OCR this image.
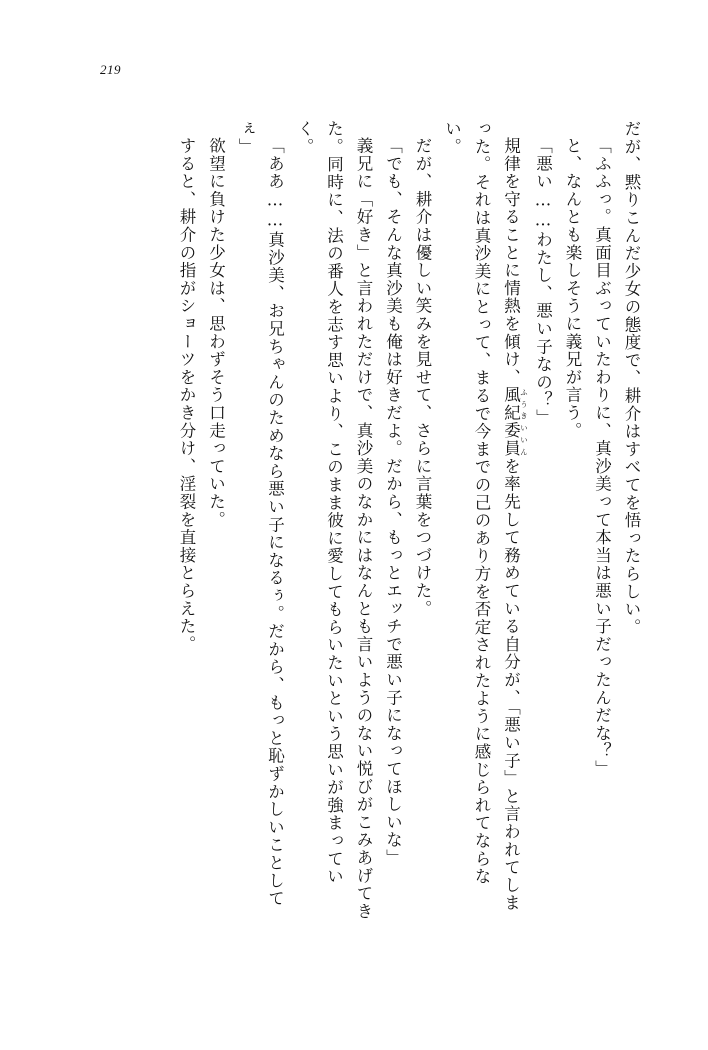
219

だが、黙りこんだ少女の態度で、耕介はすべてを悟ったらしい。

「ふふっ。真面目ぶっていたわりに、真沙美って本当は悪い子だったんだな？」

と、なんとも楽しそうに義兄が言う。

「悪い……わたし、悪い子なの？」

規律を守ることに情熱を傾け、風紀委員 ふうきいいんを率先して務めている自分が、「悪い子」と言われてしまった。それは真沙美にとって、まるで今までの己のあり方を否定されたように感じられてならない。

だが、耕介は優しい笑みを見せて、さらに言葉をつづけた。

「でも、そんな真沙美も俺は好きだよ。だから、もっとエッチで悪い子になってほしいな」

義兄に「好き」と言われただけで、真沙美のなかにはなんとも言いようのない悦びがこみあげてきた。同時に、法の番人を志す思いより、このまま彼に愛してもらいたいという思いが強まっていく。

「ああ……真沙美、お兄ちゃんのためなら悪い子になるぅ。だから、もっと恥ずかしいことしてぇ」

欲望に負けた少女は、思わずそう口走っていた。

すると、耕介の指がショーツをかき分け、淫裂を直接とらえた。
